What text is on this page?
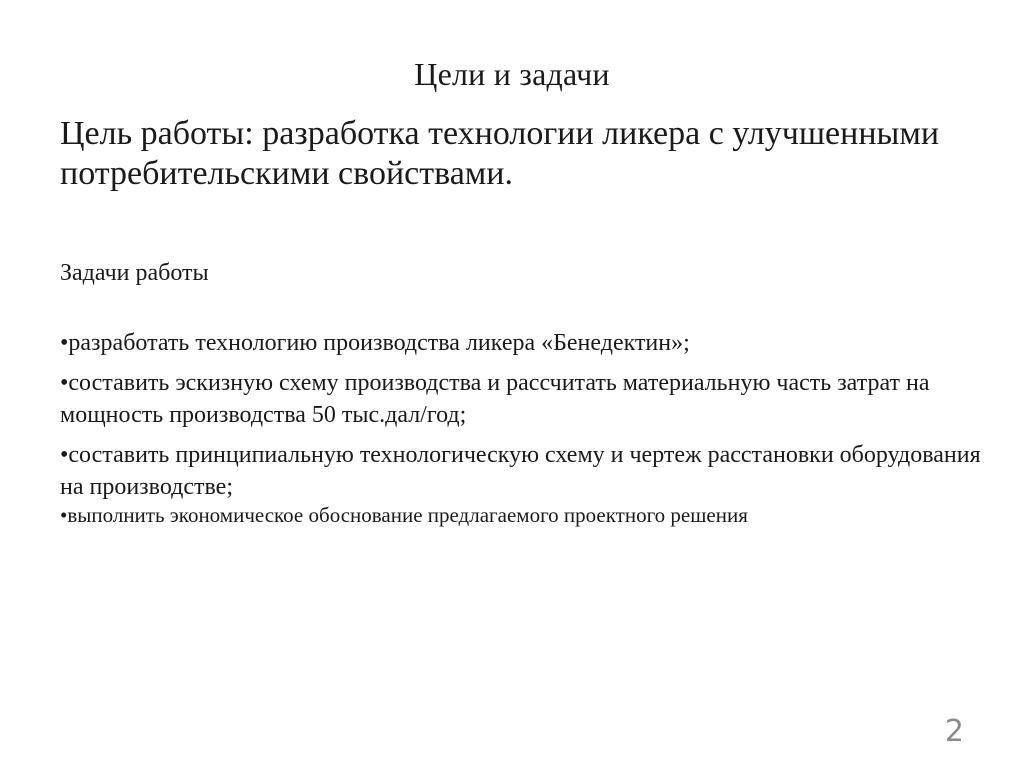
Цели и задачи
Цель работы: разработка технологии ликера с улучшенными потребительскими свойствами.
Задачи работы
•разработать технологию производства ликера «Бенедектин»;
•составить эскизную схему производства и рассчитать материальную часть затрат на мощность производства 50 тыс.дал/год;
•составить принципиальную технологическую схему и чертеж расстановки оборудования на производстве;
•выполнить экономическое обоснование предлагаемого проектного решения
2
